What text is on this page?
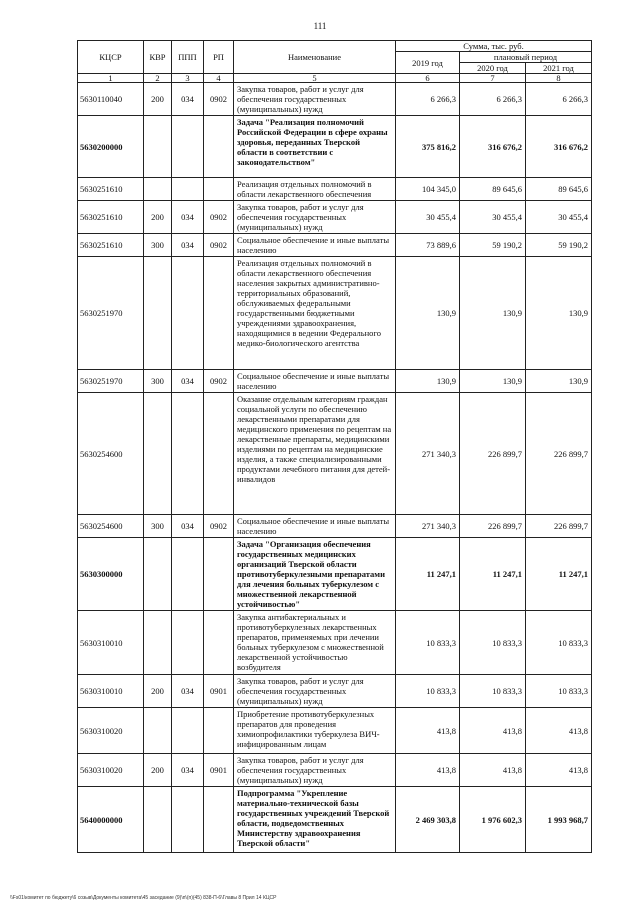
111
КЦСР	КВР	ППП	РП	Наименование	Сумма, тыс. руб.		
					2019 год	плановый период	
						2020 год	2021 год
1	2	3	4	5	6	7	8
5630110040	200	034	0902	Закупка товаров, работ и услуг для обеспечения государственных (муниципальных) нужд	6 266,3	6 266,3	6 266,3
5630200000				Задача "Реализация полномочий Российской Федерации в сфере охраны здоровья, переданных Тверской области в соответствии с законодательством"	375 816,2	316 676,2	316 676,2
5630251610				Реализация отдельных полномочий в области лекарственного обеспечения	104 345,0	89 645,6	89 645,6
5630251610	200	034	0902	Закупка товаров, работ и услуг для обеспечения государственных (муниципальных) нужд	30 455,4	30 455,4	30 455,4
5630251610	300	034	0902	Социальное обеспечение и иные выплаты населению	73 889,6	59 190,2	59 190,2
5630251970				Реализация отдельных полномочий в области лекарственного обеспечения населения закрытых административно-территориальных образований, обслуживаемых федеральными государственными бюджетными учреждениями здравоохранения, находящимися в ведении Федерального медико-биологического агентства	130,9	130,9	130,9
5630251970	300	034	0902	Социальное обеспечение и иные выплаты населению	130,9	130,9	130,9
5630254600				Оказание отдельным категориям граждан социальной услуги по обеспечению лекарственными препаратами для медицинского применения по рецептам на лекарственные препараты, медицинскими изделиями по рецептам на медицинские изделия, а также специализированными продуктами лечебного питания для детей-инвалидов	271 340,3	226 899,7	226 899,7
5630254600	300	034	0902	Социальное обеспечение и иные выплаты населению	271 340,3	226 899,7	226 899,7
5630300000				Задача "Организация обеспечения государственных медицинских организаций Тверской области противотуберкулезными препаратами для лечения больных туберкулезом с множественной лекарственной устойчивостью"	11 247,1	11 247,1	11 247,1
5630310010				Закупка антибактериальных и противотуберкулезных лекарственных препаратов, применяемых при лечении больных туберкулезом с множественной лекарственной устойчивостью возбудителя	10 833,3	10 833,3	10 833,3
5630310010	200	034	0901	Закупка товаров, работ и услуг для обеспечения государственных (муниципальных) нужд	10 833,3	10 833,3	10 833,3
5630310020				Приобретение противотуберкулезных препаратов для проведения химиопрофилактики туберкулеза ВИЧ-инфицированным лицам	413,8	413,8	413,8
5630310020	200	034	0901	Закупка товаров, работ и услуг для обеспечения государственных (муниципальных) нужд	413,8	413,8	413,8
5640000000				Подпрограмма "Укрепление материально-технической базы государственных учреждений Тверской области, подведомственных Министерству здравоохранения Тверской области"	2 469 303,8	1 976 602,3	1 993 968,7
\\Fs01\комитет по бюджету\6 созыв\Документы комитета\45 заседание (9)\п\(п)(45) 838-П-6\Главы 8 Прил 14 КЦСР
